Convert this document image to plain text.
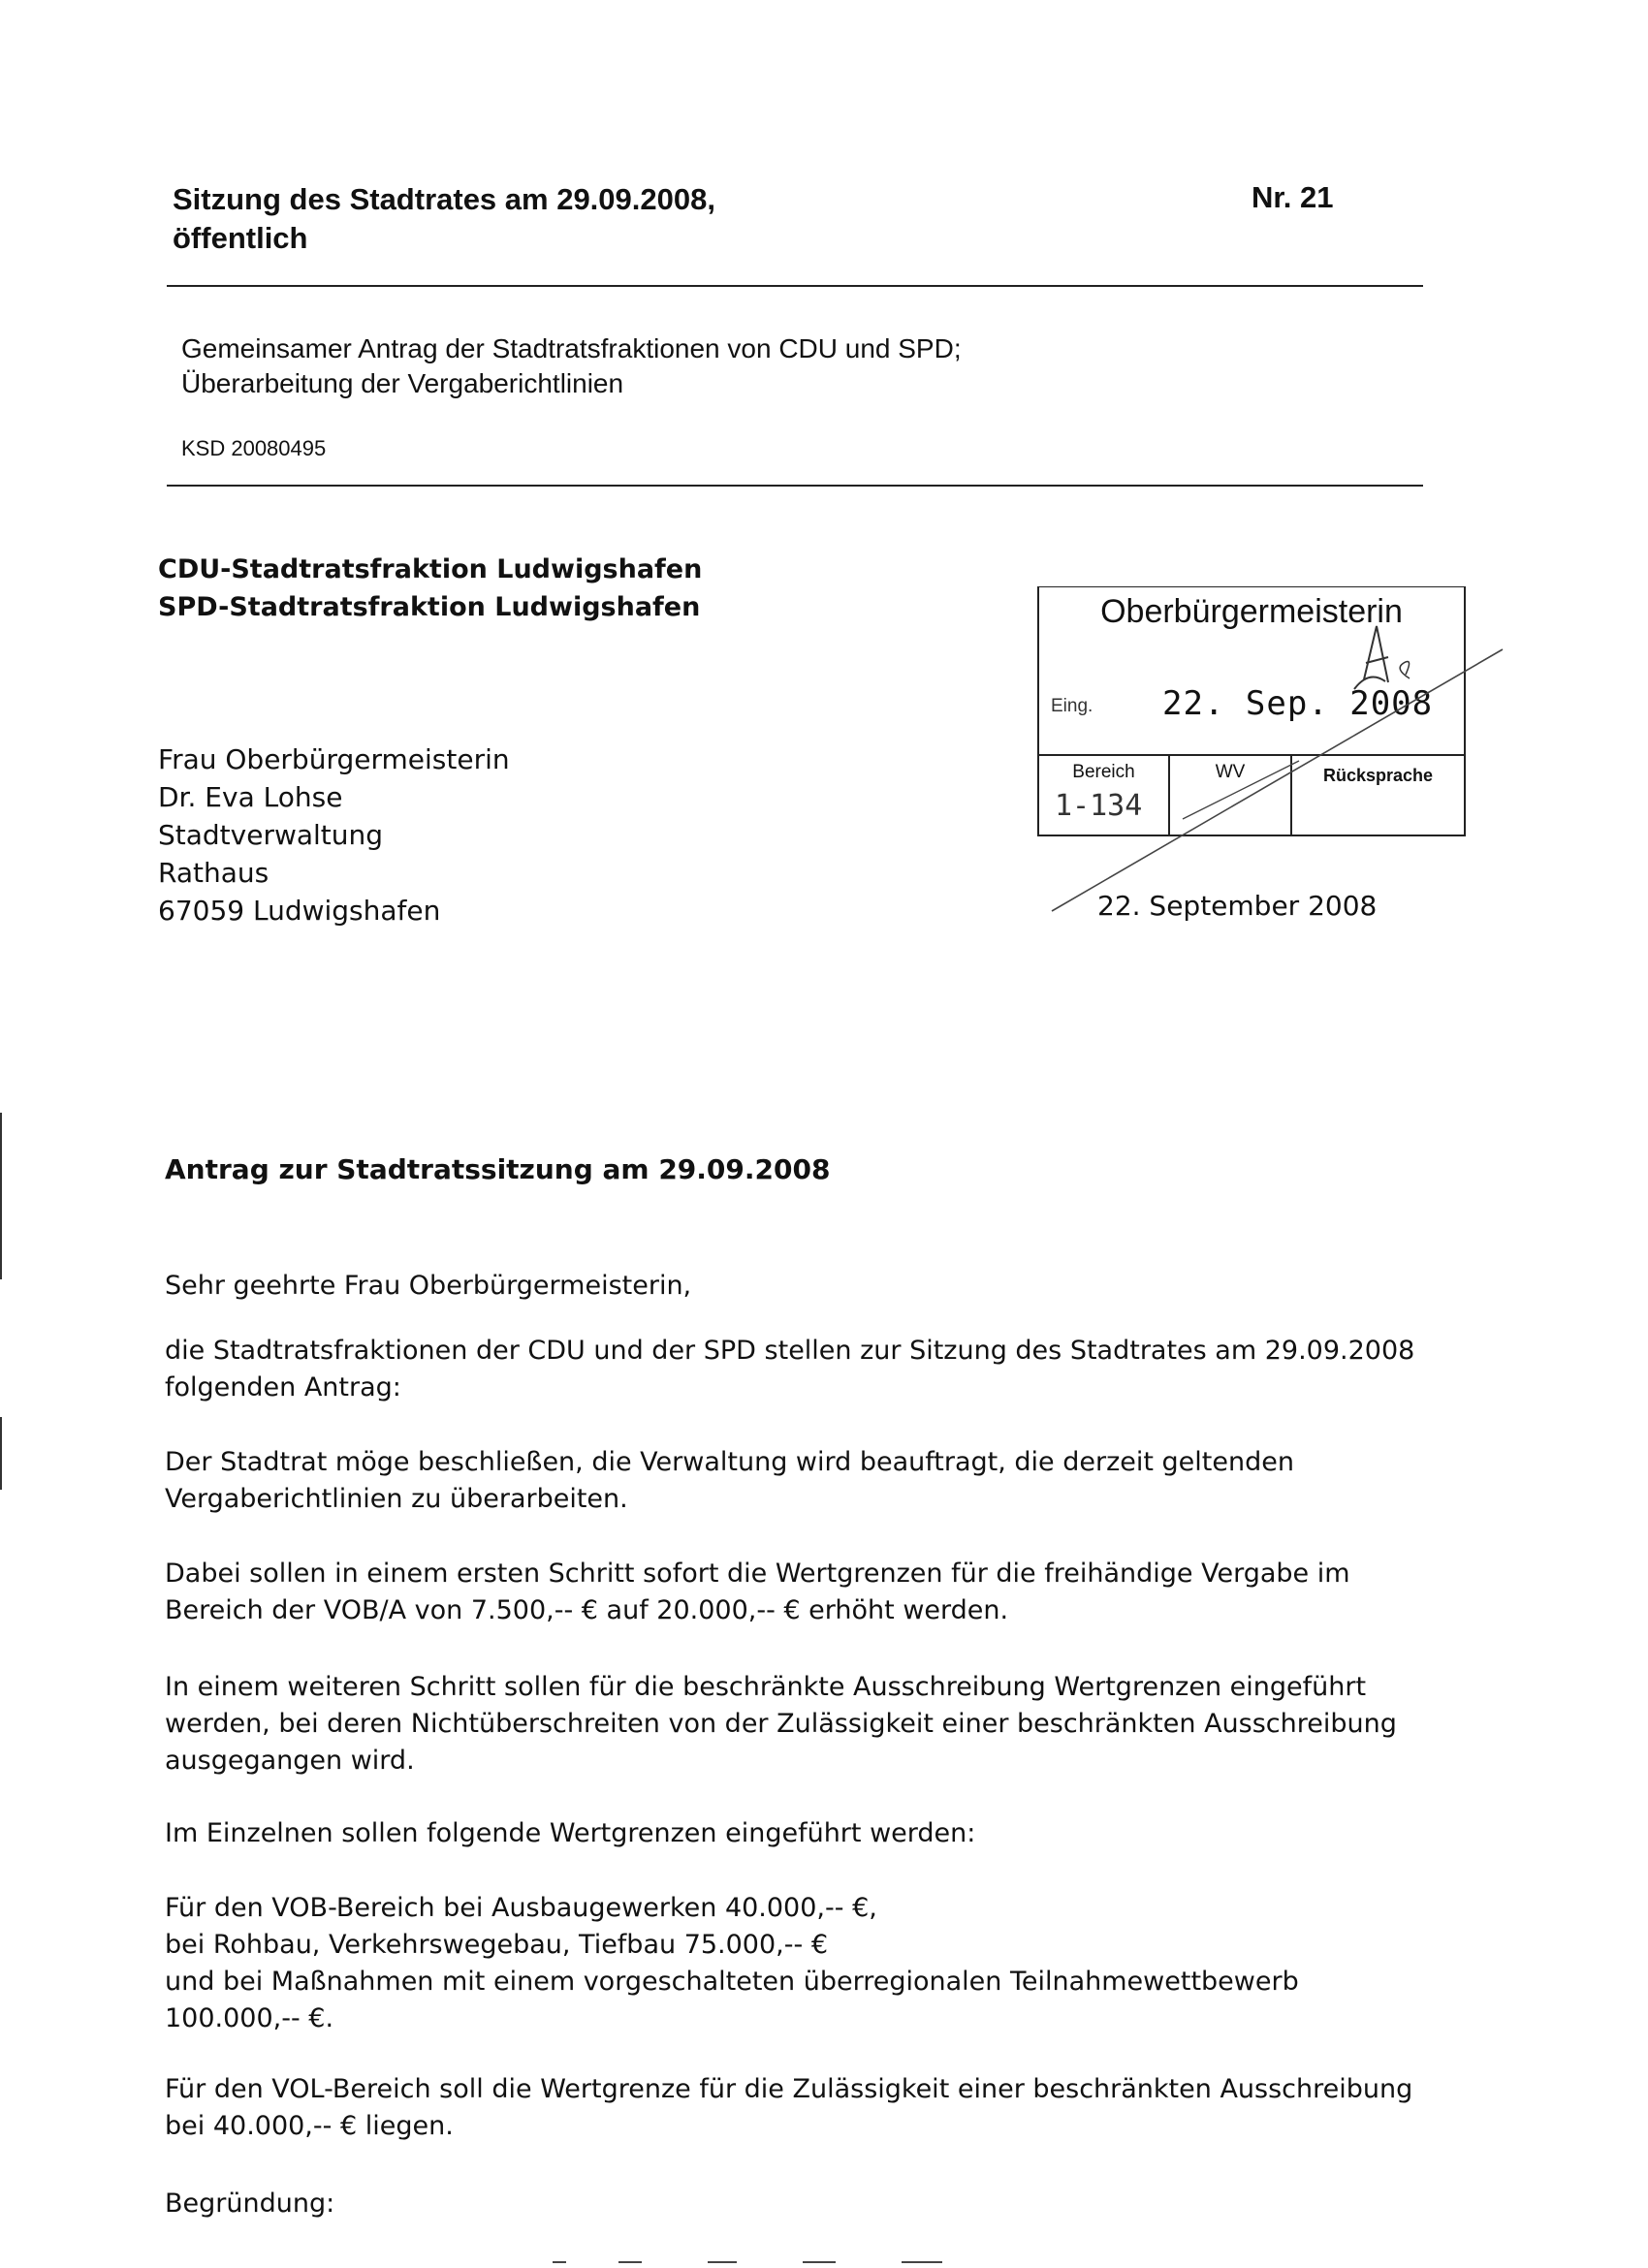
Sitzung des Stadtrates am 29.09.2008,
öffentlich
Nr. 21
Gemeinsamer Antrag der Stadtratsfraktionen von CDU und SPD;
Überarbeitung der Vergaberichtlinien
KSD 20080495
CDU-Stadtratsfraktion Ludwigshafen
SPD-Stadtratsfraktion Ludwigshafen
Frau Oberbürgermeisterin
Dr. Eva Lohse
Stadtverwaltung
Rathaus
67059 Ludwigshafen
Oberbürgermeisterin
Eing. 22. Sep. 2008
Bereich
1-134
WV	Rücksprache
22. September 2008
Antrag zur Stadtratssitzung am 29.09.2008
Sehr geehrte Frau Oberbürgermeisterin,
die Stadtratsfraktionen der CDU und der SPD stellen zur Sitzung des Stadtrates am 29.09.2008
folgenden Antrag:
Der Stadtrat möge beschließen, die Verwaltung wird beauftragt, die derzeit geltenden
Vergaberichtlinien zu überarbeiten.
Dabei sollen in einem ersten Schritt sofort die Wertgrenzen für die freihändige Vergabe im
Bereich der VOB/A von 7.500,-- € auf 20.000,-- € erhöht werden.
In einem weiteren Schritt sollen für die beschränkte Ausschreibung Wertgrenzen eingeführt
werden, bei deren Nichtüberschreiten von der Zulässigkeit einer beschränkten Ausschreibung
ausgegangen wird.
Im Einzelnen sollen folgende Wertgrenzen eingeführt werden:
Für den VOB-Bereich bei Ausbaugewerken 40.000,-- €,
bei Rohbau, Verkehrswegebau, Tiefbau 75.000,-- €
und bei Maßnahmen mit einem vorgeschalteten überregionalen Teilnahmewettbewerb
100.000,-- €.
Für den VOL-Bereich soll die Wertgrenze für die Zulässigkeit einer beschränkten Ausschreibung
bei 40.000,-- € liegen.
Begründung:
